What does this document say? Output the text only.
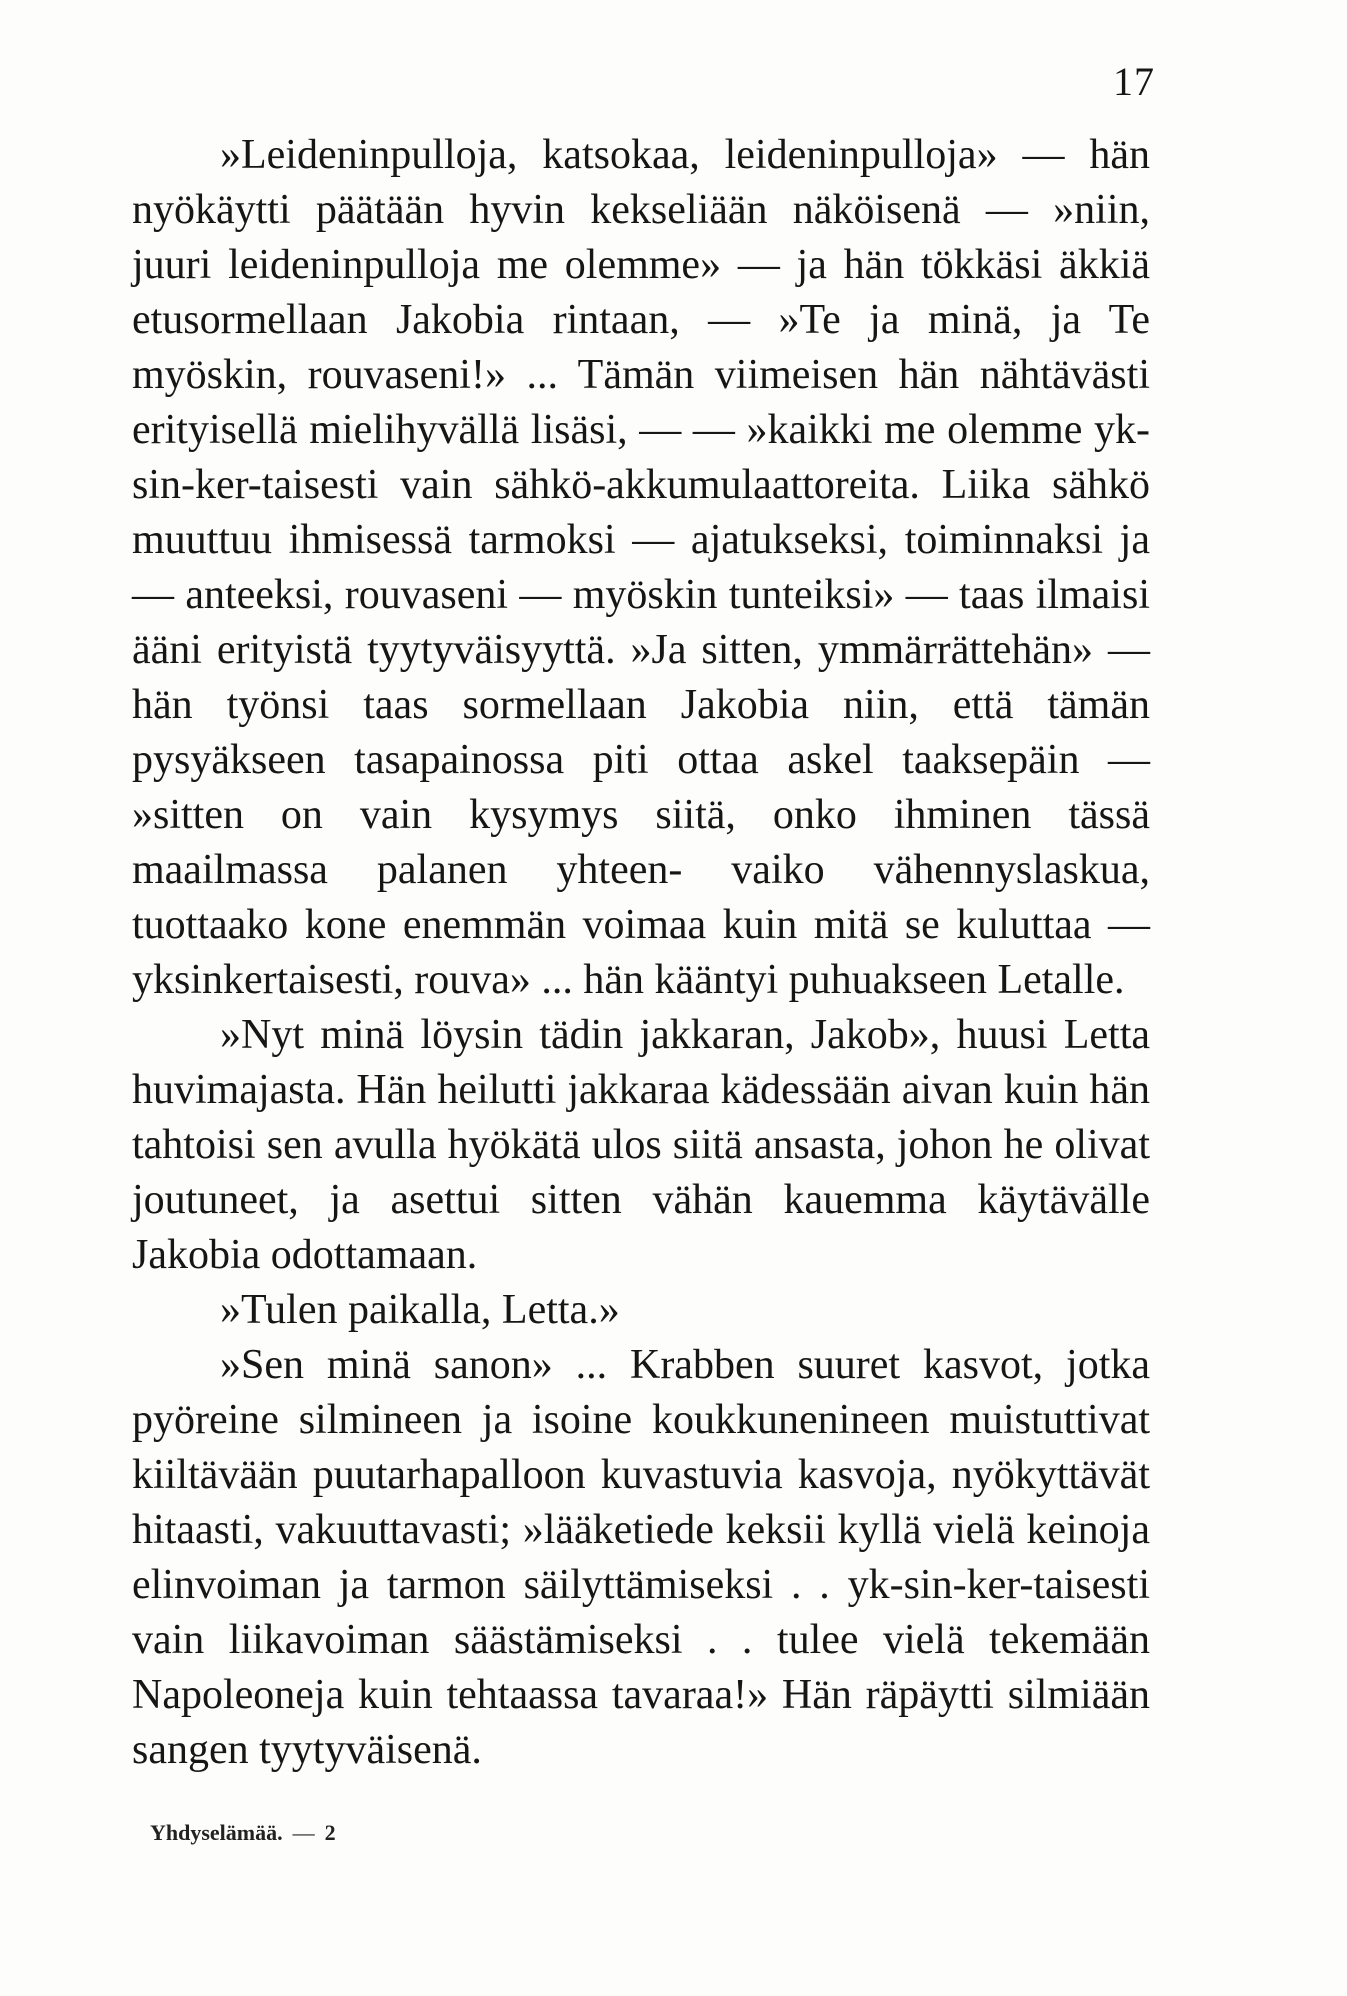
17

»Leideninpulloja, katsokaa, leideninpulloja» — hän nyökäytti päätään hyvin kekseliään näköisenä — »niin, juuri leideninpulloja me olemme» — ja hän tökkäsi äkkiä etusormellaan Jakobia rintaan, — »Te ja minä, ja Te myöskin, rouvaseni!» ... Tämän viimeisen hän nähtävästi erityisellä mielihyvällä lisäsi, — — »kaikki me olemme yk-sin-ker-taisesti vain sähkö-akkumulaattoreita. Liika sähkö muuttuu ihmisessä tarmoksi — ajatukseksi, toiminnaksi ja — anteeksi, rouvaseni — myöskin tunteiksi» — taas ilmaisi ääni erityistä tyytyväisyyttä. »Ja sitten, ymmärrättehän» — hän työnsi taas sormellaan Jakobia niin, että tämän pysyäkseen tasapainossa piti ottaa askel taaksepäin — »sitten on vain kysymys siitä, onko ihminen tässä maailmassa palanen yhteen- vaiko vähennyslaskua, tuottaako kone enemmän voimaa kuin mitä se kuluttaa — yksinkertaisesti, rouva» ... hän kääntyi puhuakseen Letalle.

»Nyt minä löysin tädin jakkaran, Jakob», huusi Letta huvimajasta. Hän heilutti jakkaraa kädessään aivan kuin hän tahtoisi sen avulla hyökätä ulos siitä ansasta, johon he olivat joutuneet, ja asettui sitten vähän kauemma käytävälle Jakobia odottamaan.

»Tulen paikalla, Letta.»

»Sen minä sanon» ... Krabben suuret kasvot, jotka pyöreine silmineen ja isoine koukkunenineen muistuttivat kiiltävään puutarhapalloon kuvastuvia kasvoja, nyökyttävät hitaasti, vakuuttavasti; »lääketiede keksii kyllä vielä keinoja elinvoiman ja tarmon säilyttämiseksi . . yk-sin-ker-taisesti vain liikavoiman säästämiseksi . . tulee vielä tekemään Napoleoneja kuin tehtaassa tavaraa!» Hän räpäytti silmiään sangen tyytyväisenä.

Yhdyselämää. — 2
